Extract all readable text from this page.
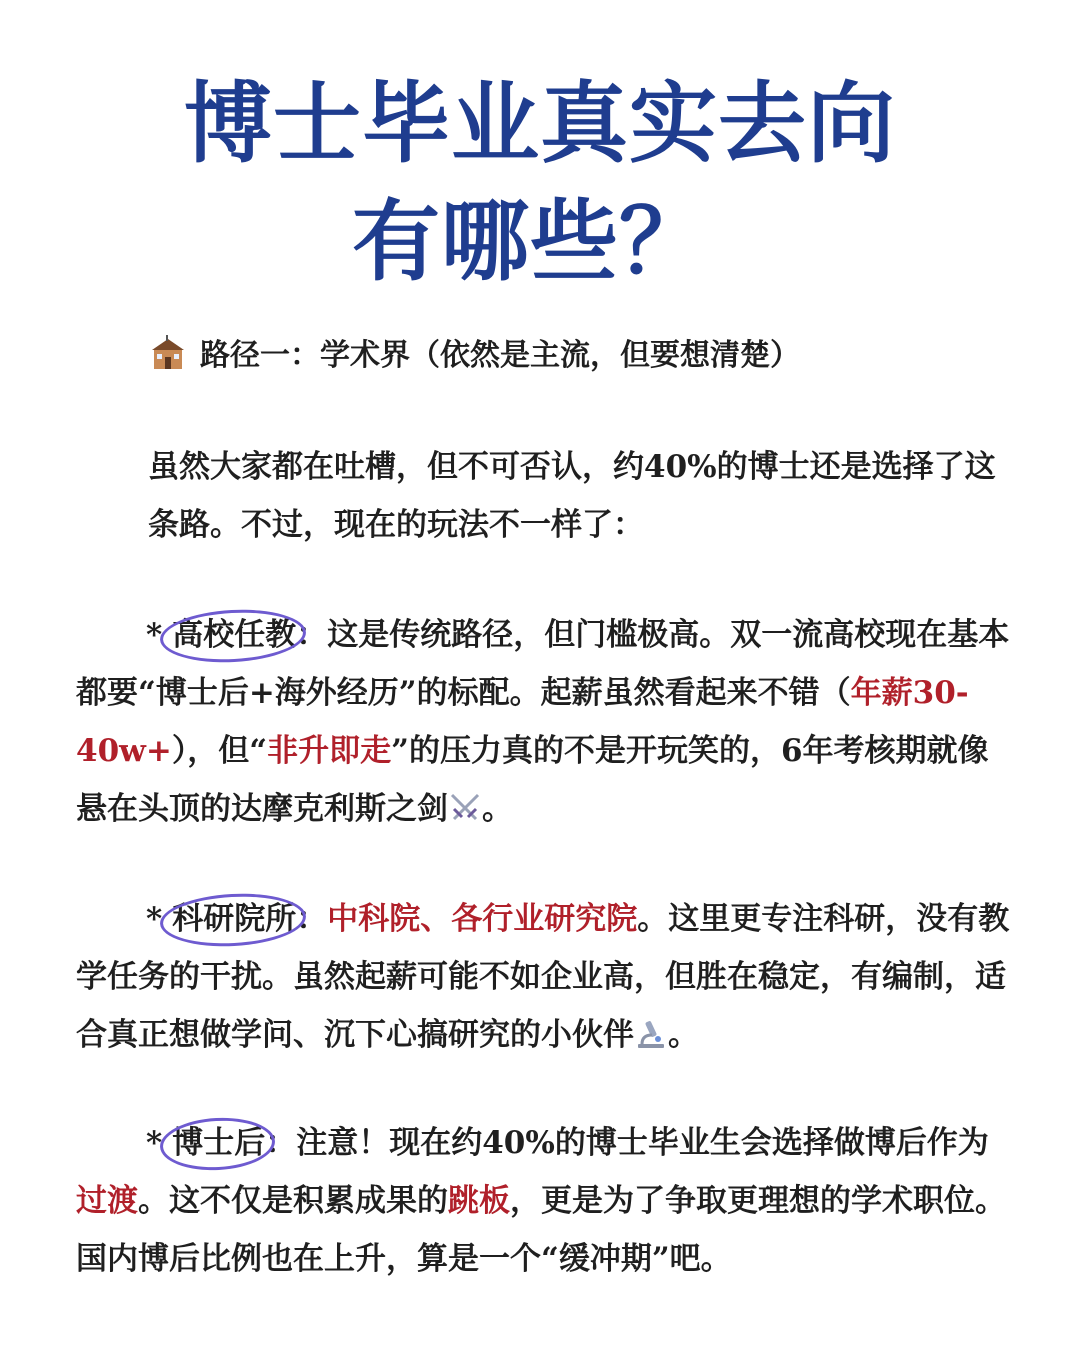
博士毕业真实去向
有哪些？
路径一：学术界（依然是主流，但要想清楚）
虽然大家都在吐槽，但不可否认，约40%的博士还是选择了这条路。不过，现在的玩法不一样了：
* 高校任教：这是传统路径，但门槛极高。双一流高校现在基本都要“博士后+海外经历”的标配。起薪虽然看起来不错（年薪30-40w+），但“非升即走”的压力真的不是开玩笑的，6年考核期就像悬在头顶的达摩克利斯之剑 。
* 科研院所：中科院、各行业研究院。这里更专注科研，没有教学任务的干扰。虽然起薪可能不如企业高，但胜在稳定，有编制，适合真正想做学问、沉下心搞研究的小伙伴 。
* 博士后：注意！现在约40%的博士毕业生会选择做博后作为过渡。这不仅是积累成果的跳板，更是为了争取更理想的学术职位。国内博后比例也在上升，算是一个“缓冲期”吧。
